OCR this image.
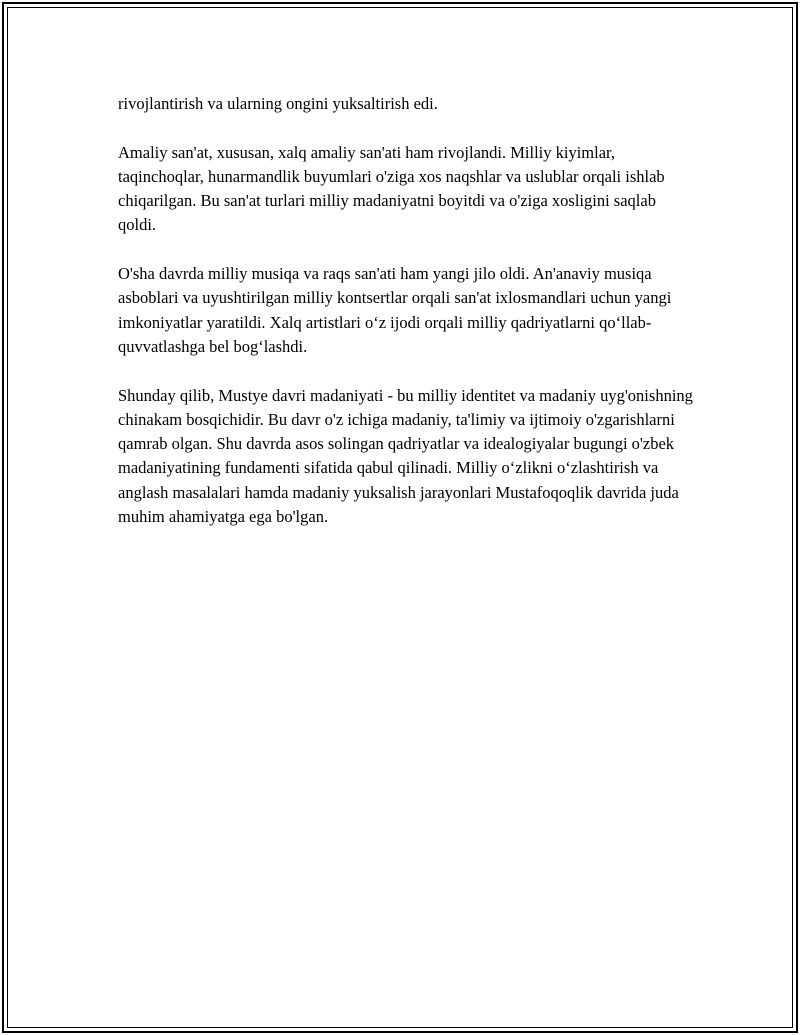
rivojlantirish va ularning ongini yuksaltirish edi.

Amaliy san'at, xususan, xalq amaliy san'ati ham rivojlandi. Milliy kiyimlar, taqinchoqlar, hunarmandlik buyumlari o'ziga xos naqshlar va uslublar orqali ishlab chiqarilgan. Bu san'at turlari milliy madaniyatni boyitdi va o'ziga xosligini saqlab qoldi.

O'sha davrda milliy musiqa va raqs san'ati ham yangi jilo oldi. An'anaviy musiqa asboblari va uyushtirilgan milliy kontsertlar orqali san'at ixlosmandlari uchun yangi imkoniyatlar yaratildi. Xalq artistlari o‘z ijodi orqali milliy qadriyatlarni qo‘llab-quvvatlashga bel bog‘lashdi.

Shunday qilib, Mustye davri madaniyati - bu milliy identitet va madaniy uyg'onishning chinakam bosqichidir. Bu davr o'z ichiga madaniy, ta'limiy va ijtimoiy o'zgarishlarni qamrab olgan. Shu davrda asos solingan qadriyatlar va idealogiyalar bugungi o'zbek madaniyatining fundamenti sifatida qabul qilinadi. Milliy o‘zlikni o‘zlashtirish va anglash masalalari hamda madaniy yuksalish jarayonlari Mustafoqoqlik davrida juda muhim ahamiyatga ega bo'lgan.
